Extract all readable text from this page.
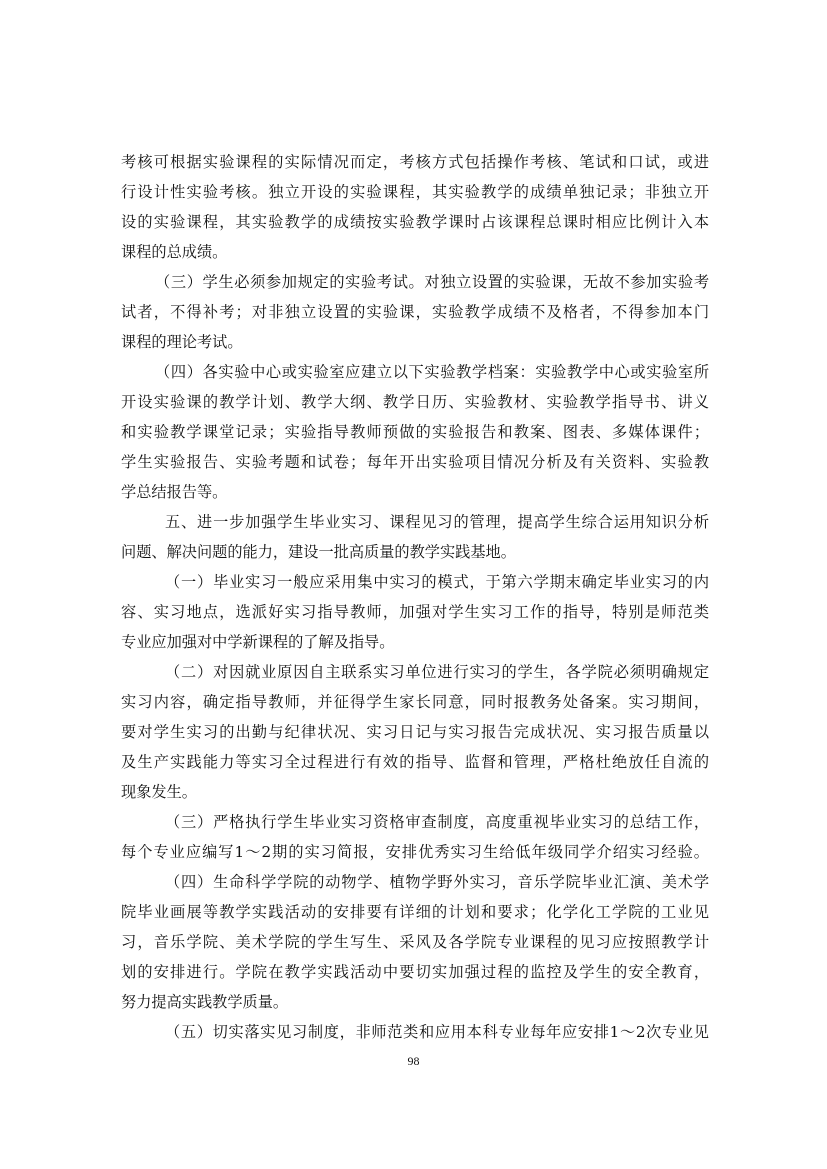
考核可根据实验课程的实际情况而定，考核方式包括操作考核、笔试和口试，或进
行设计性实验考核。独立开设的实验课程，其实验教学的成绩单独记录；非独立开
设的实验课程，其实验教学的成绩按实验教学课时占该课程总课时相应比例计入本
课程的总成绩。
（三）学生必须参加规定的实验考试。对独立设置的实验课，无故不参加实验考
试者，不得补考；对非独立设置的实验课，实验教学成绩不及格者，不得参加本门
课程的理论考试。
（四）各实验中心或实验室应建立以下实验教学档案：实验教学中心或实验室所
开设实验课的教学计划、教学大纲、教学日历、实验教材、实验教学指导书、讲义
和实验教学课堂记录；实验指导教师预做的实验报告和教案、图表、多媒体课件；
学生实验报告、实验考题和试卷；每年开出实验项目情况分析及有关资料、实验教
学总结报告等。
五、进一步加强学生毕业实习、课程见习的管理，提高学生综合运用知识分析
问题、解决问题的能力，建设一批高质量的教学实践基地。
（一）毕业实习一般应采用集中实习的模式，于第六学期末确定毕业实习的内
容、实习地点，选派好实习指导教师，加强对学生实习工作的指导，特别是师范类
专业应加强对中学新课程的了解及指导。
（二）对因就业原因自主联系实习单位进行实习的学生，各学院必须明确规定
实习内容，确定指导教师，并征得学生家长同意，同时报教务处备案。实习期间，
要对学生实习的出勤与纪律状况、实习日记与实习报告完成状况、实习报告质量以
及生产实践能力等实习全过程进行有效的指导、监督和管理，严格杜绝放任自流的
现象发生。
（三）严格执行学生毕业实习资格审查制度，高度重视毕业实习的总结工作，
每个专业应编写1～2期的实习简报，安排优秀实习生给低年级同学介绍实习经验。
（四）生命科学学院的动物学、植物学野外实习，音乐学院毕业汇演、美术学
院毕业画展等教学实践活动的安排要有详细的计划和要求；化学化工学院的工业见
习，音乐学院、美术学院的学生写生、采风及各学院专业课程的见习应按照教学计
划的安排进行。学院在教学实践活动中要切实加强过程的监控及学生的安全教育，
努力提高实践教学质量。
（五）切实落实见习制度，非师范类和应用本科专业每年应安排1～2次专业见
98
